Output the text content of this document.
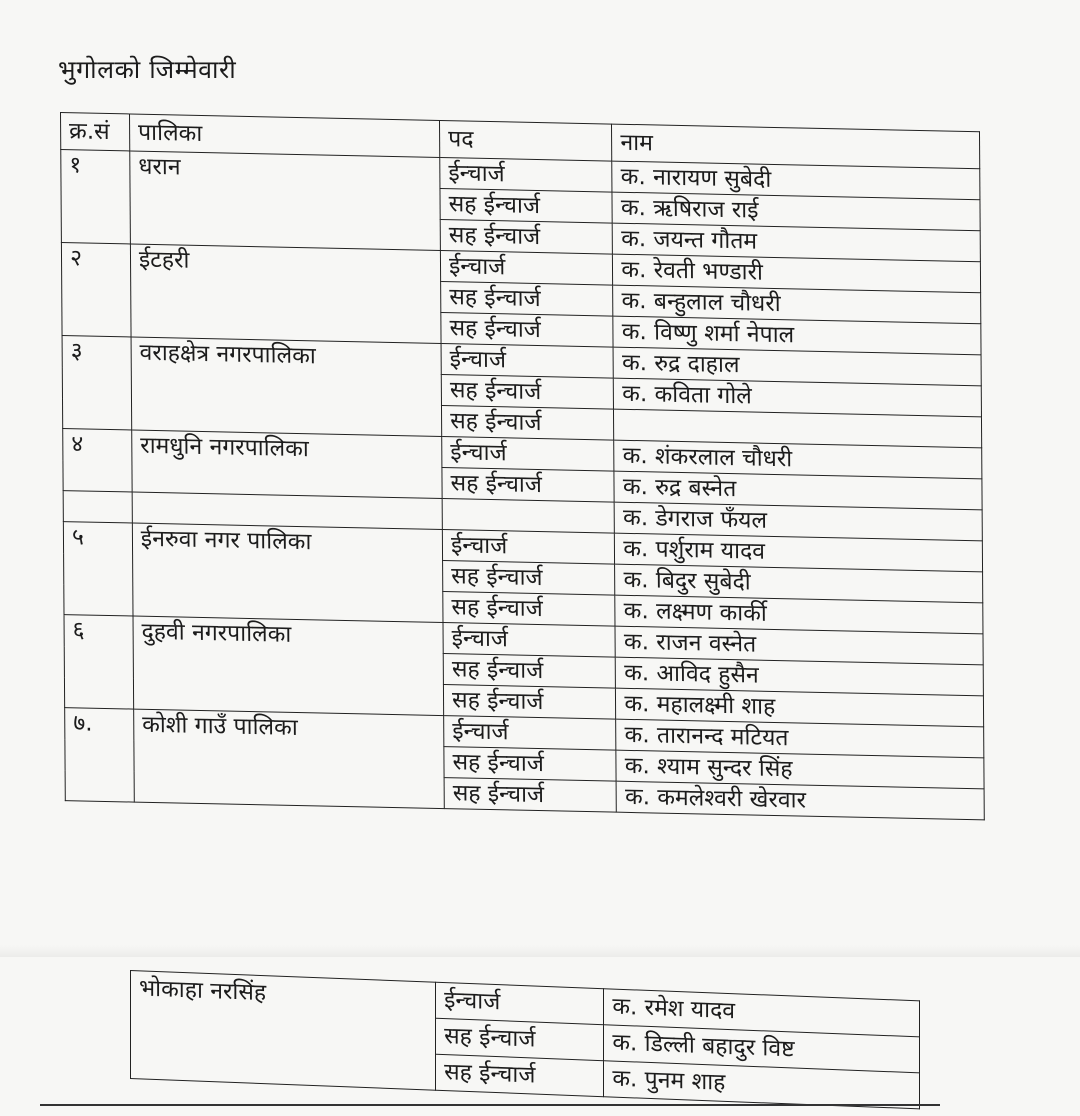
भुगोलको जिम्मेवारी
क्र.सं	पालिका	पद	नाम
१	धरान	ईन्चार्ज	क. नारायण सुबेदी
		सह ईन्चार्ज	क. ऋषिराज राई
		सह ईन्चार्ज	क. जयन्त गौतम
२	ईटहरी	ईन्चार्ज	क. रेवती भण्डारी
		सह ईन्चार्ज	क. बन्हुलाल चौधरी
		सह ईन्चार्ज	क. विष्णु शर्मा नेपाल
३	वराहक्षेत्र नगरपालिका	ईन्चार्ज	क. रुद्र दाहाल
		सह ईन्चार्ज	क. कविता गोले
		सह ईन्चार्ज	
४	रामधुनि नगरपालिका	ईन्चार्ज	क. शंकरलाल चौधरी
		सह ईन्चार्ज	क. रुद्र बस्नेत
			क. डेगराज फँयल
५	ईनरुवा नगर पालिका	ईन्चार्ज	क. पर्शुराम यादव
		सह ईन्चार्ज	क. बिदुर सुबेदी
		सह ईन्चार्ज	क. लक्ष्मण कार्की
६	दुहवी नगरपालिका	ईन्चार्ज	क. राजन वस्नेत
		सह ईन्चार्ज	क. आविद हुसैन
		सह ईन्चार्ज	क. महालक्ष्मी शाह
७.	कोशी गाउँ पालिका	ईन्चार्ज	क. तारानन्द मटियत
		सह ईन्चार्ज	क. श्याम सुन्दर सिंह
		सह ईन्चार्ज	क. कमलेश्वरी खेरवार
भोकाहा नरसिंह	ईन्चार्ज	क. रमेश यादव
	सह ईन्चार्ज	क. डिल्ली बहादुर विष्ट
	सह ईन्चार्ज	क. पुनम शाह
